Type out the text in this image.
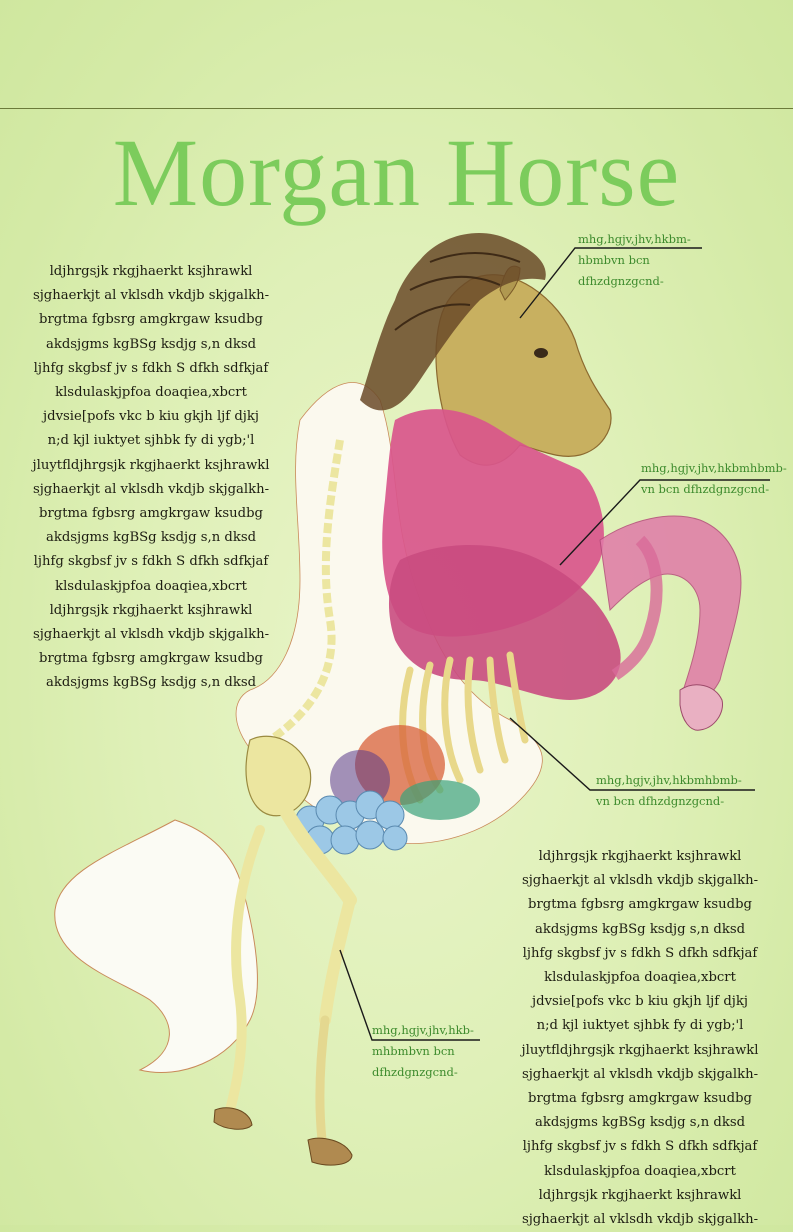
Morgan Horse
ldjhrgsjk rkgjhaerkt ksjhrawkl
sjghaerkjt al vklsdh vkdjb skjgalkh-
brgtma fgbsrg amgkrgaw ksudbg
akdsjgms kgBSg ksdjg s,n dksd
ljhfg skgbsf jv s fdkh S dfkh sdfkjaf
klsdulaskjpfoa doaqiea,xbcrt
jdvsie[pofs vkc b kiu gkjh ljf djkj
n;d kjl iuktyet sjhbk fy di ygb;'l
jluytfldjhrgsjk rkgjhaerkt ksjhrawkl
sjghaerkjt al vklsdh vkdjb skjgalkh-
brgtma fgbsrg amgkrgaw ksudbg
akdsjgms kgBSg ksdjg s,n dksd
ljhfg skgbsf jv s fdkh S dfkh sdfkjaf
klsdulaskjpfoa doaqiea,xbcrt
ldjhrgsjk rkgjhaerkt ksjhrawkl
sjghaerkjt al vklsdh vkdjb skjgalkh-
brgtma fgbsrg amgkrgaw ksudbg
akdsjgms kgBSg ksdjg s,n dksd
ldjhrgsjk rkgjhaerkt ksjhrawkl
sjghaerkjt al vklsdh vkdjb skjgalkh-
brgtma fgbsrg amgkrgaw ksudbg
akdsjgms kgBSg ksdjg s,n dksd
ljhfg skgbsf jv s fdkh S dfkh sdfkjaf
klsdulaskjpfoa doaqiea,xbcrt
jdvsie[pofs vkc b kiu gkjh ljf djkj
n;d kjl iuktyet sjhbk fy di ygb;'l
jluytfldjhrgsjk rkgjhaerkt ksjhrawkl
sjghaerkjt al vklsdh vkdjb skjgalkh-
brgtma fgbsrg amgkrgaw ksudbg
akdsjgms kgBSg ksdjg s,n dksd
ljhfg skgbsf jv s fdkh S dfkh sdfkjaf
klsdulaskjpfoa doaqiea,xbcrt
ldjhrgsjk rkgjhaerkt ksjhrawkl
sjghaerkjt al vklsdh vkdjb skjgalkh-
mhg,hgjv,jhv,hkbm-
hbmbvn bcn
dfhzdgnzgcnd-
mhg,hgjv,jhv,hkbmhbmb-
vn bcn dfhzdgnzgcnd-
mhg,hgjv,jhv,hkbmhbmb-
vn bcn dfhzdgnzgcnd-
mhg,hgjv,jhv,hkb-
mhbmbvn bcn
dfhzdgnzgcnd-
